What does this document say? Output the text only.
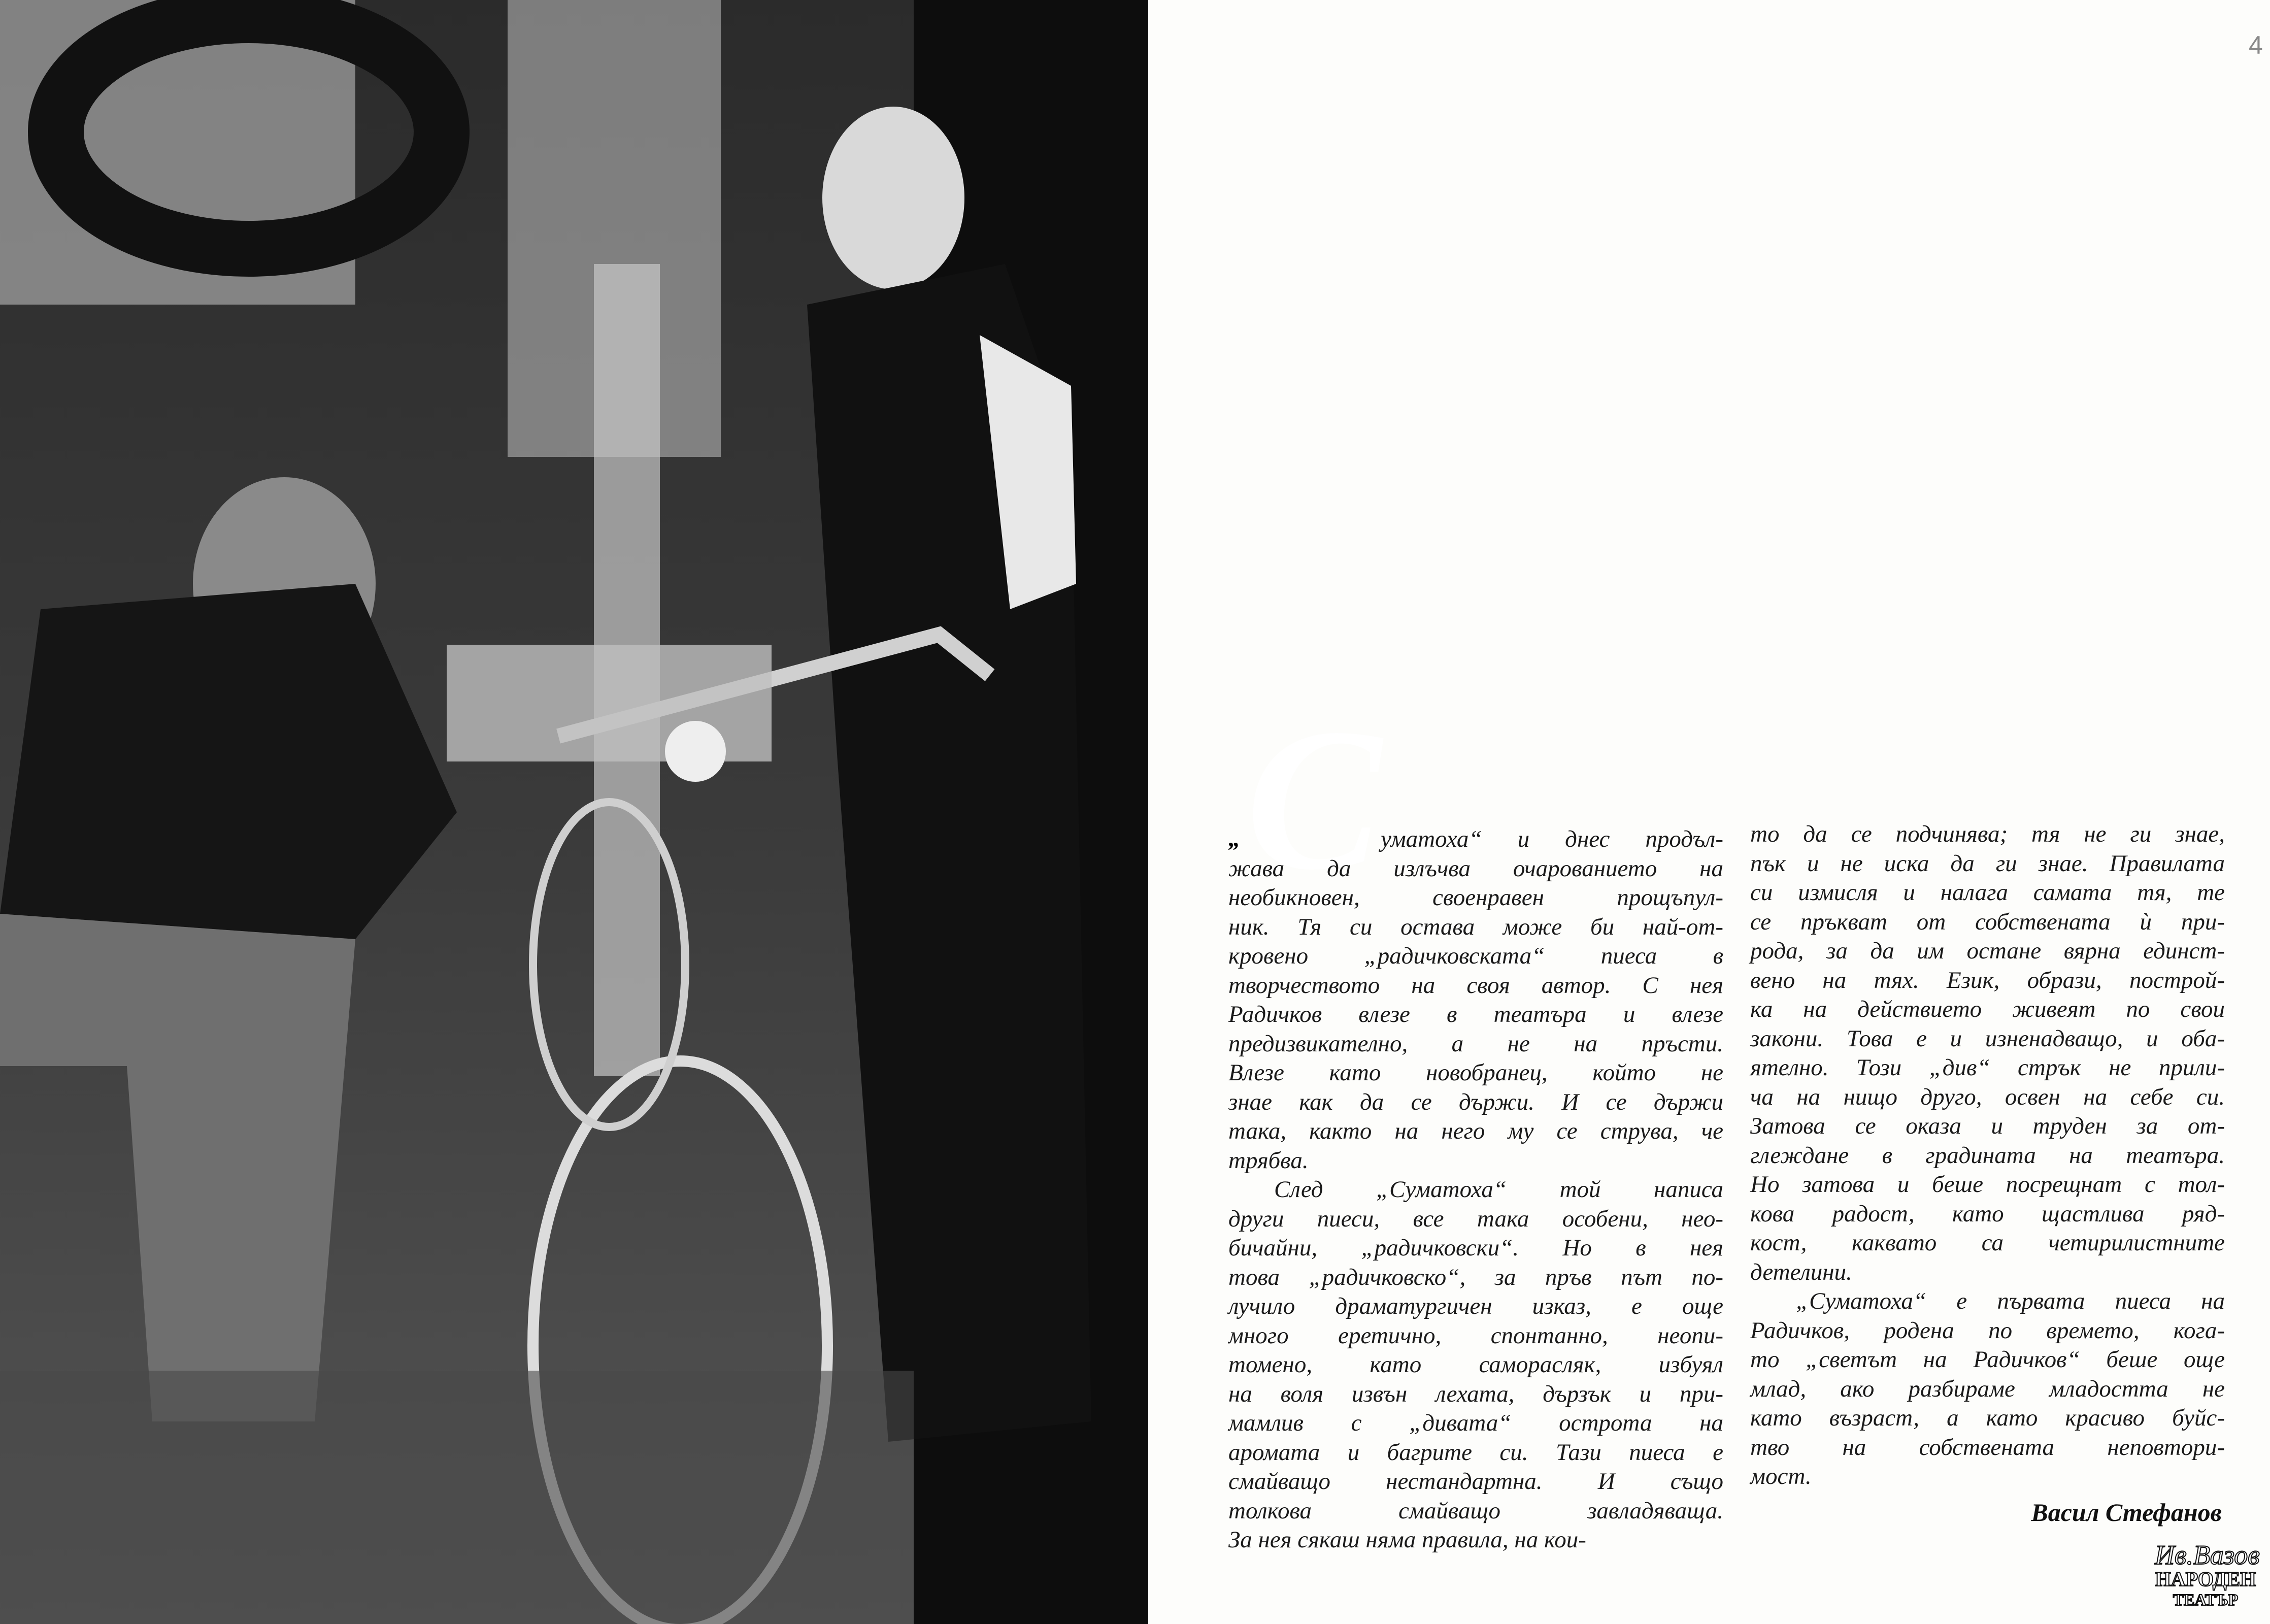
4
С
„	уматоха“ и днес продъл-
жава да излъчва очарованието на
необикновен, своенравен прощъпул-
ник. Тя си остава може би най-от-
кровено „радичковската“ пиеса в
творчеството на своя автор. С нея
Радичков влезе в театъра и влезе
предизвикателно, а не на пръсти.
Влезе като новобранец, който не
знае как да се държи. И се държи
така, както на него му се струва, че
трябва.
След „Суматоха“ той написа
други пиеси, все така особени, нео-
бичайни, „радичковски“. Но в нея
това „радичковско“, за пръв път по-
лучило драматургичен изказ, е още
много еретично, спонтанно, неопи-
томено, като саморасляк, избуял
на воля извън лехата, дързък и при-
мамлив с „дивата“ острота на
аромата и багрите си. Тази пиеса е
смайващо нестандартна. И също
толкова смайващо завладяваща.
За нея сякаш няма правила, на кои-
то да се подчинява; тя не ги знае,
пък и не иска да ги знае. Правилата
си измисля и налага самата тя, те
се пръкват от собствената ѝ при-
рода, за да им остане вярна единст-
вено на тях. Език, образи, построй-
ка на действието живеят по свои
закони. Това е и изненадващо, и оба-
ятелно. Този „див“ стрък не прили-
ча на нищо друго, освен на себе си.
Затова се оказа и труден за от-
глеждане в градината на театъра.
Но затова и беше посрещнат с тол-
кова радост, като щастлива ряд-
кост, каквато са четирилистните
детелини.
„Суматоха“ е първата пиеса на
Радичков, родена по времето, кога-
то „светът на Радичков“ беше още
млад, ако разбираме младостта не
като възраст, а като красиво буйс-
тво на собствената неповтори-
мост.
Васил Стефанов
Ив.Вазов
НАРОДЕН
ТЕАТЪР
